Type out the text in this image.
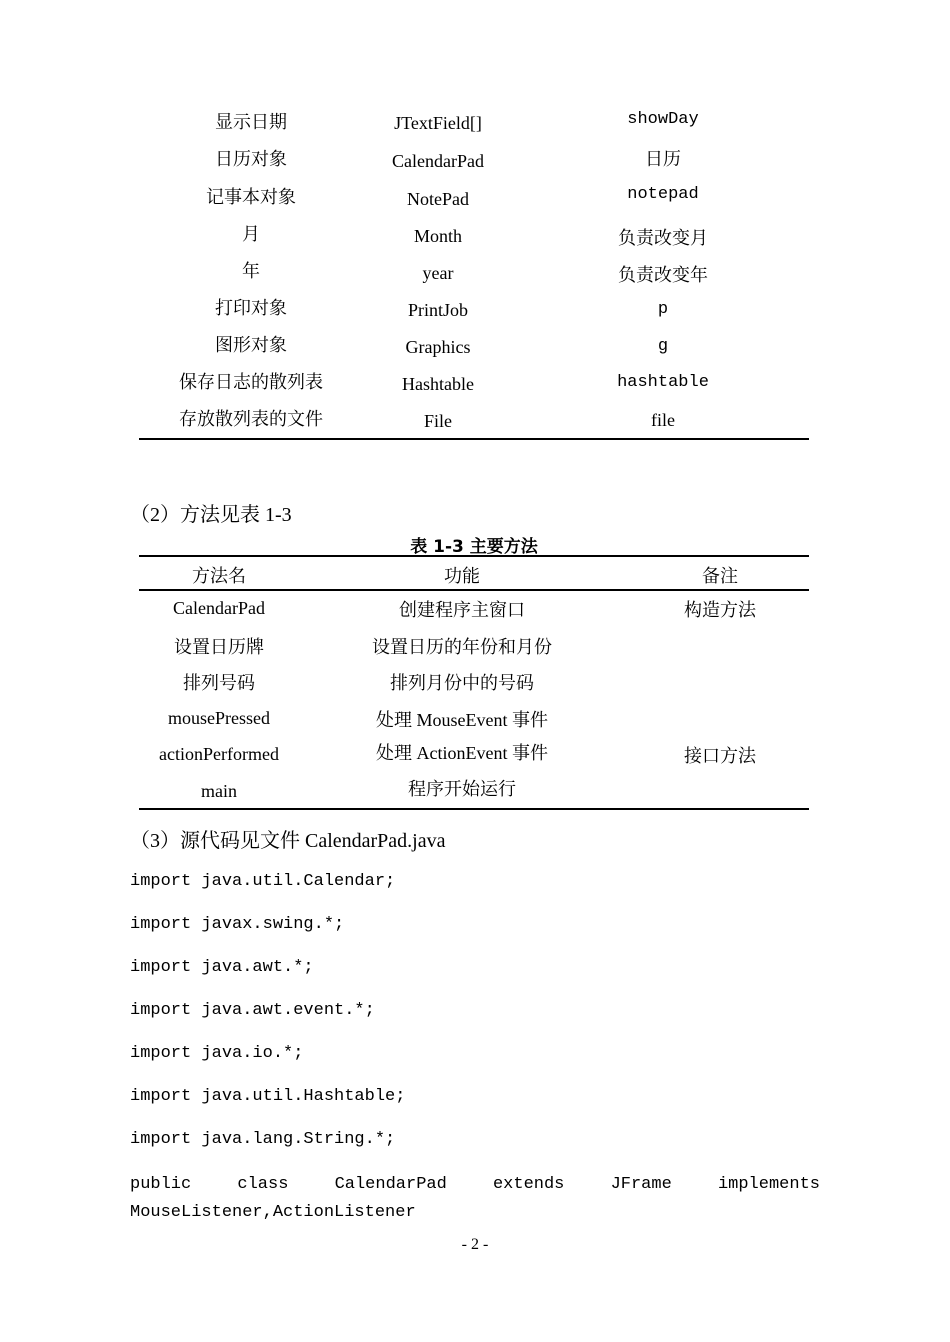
显示日期	JTextField[]	showDay
日历对象	CalendarPad	日历
记事本对象	NotePad	notepad
月	Month	负责改变月
年	year	负责改变年
打印对象	PrintJob	p
图形对象	Graphics	g
保存日志的散列表	Hashtable	hashtable
存放散列表的文件	File	file
（2）方法见表 1-3
表 1-3 主要方法
方法名	功能	备注
CalendarPad	创建程序主窗口	构造方法
设置日历牌	设置日历的年份和月份
排列号码	排列月份中的号码
mousePressed	处理 MouseEvent 事件
actionPerformed	处理 ActionEvent 事件	接口方法
main	程序开始运行
（3）源代码见文件 CalendarPad.java
import java.util.Calendar;
import javax.swing.*;
import java.awt.*;
import java.awt.event.*;
import java.io.*;
import java.util.Hashtable;
import java.lang.String.*;
public	class	CalendarPad	extends	JFrame	implements
MouseListener,ActionListener
- 2 -
